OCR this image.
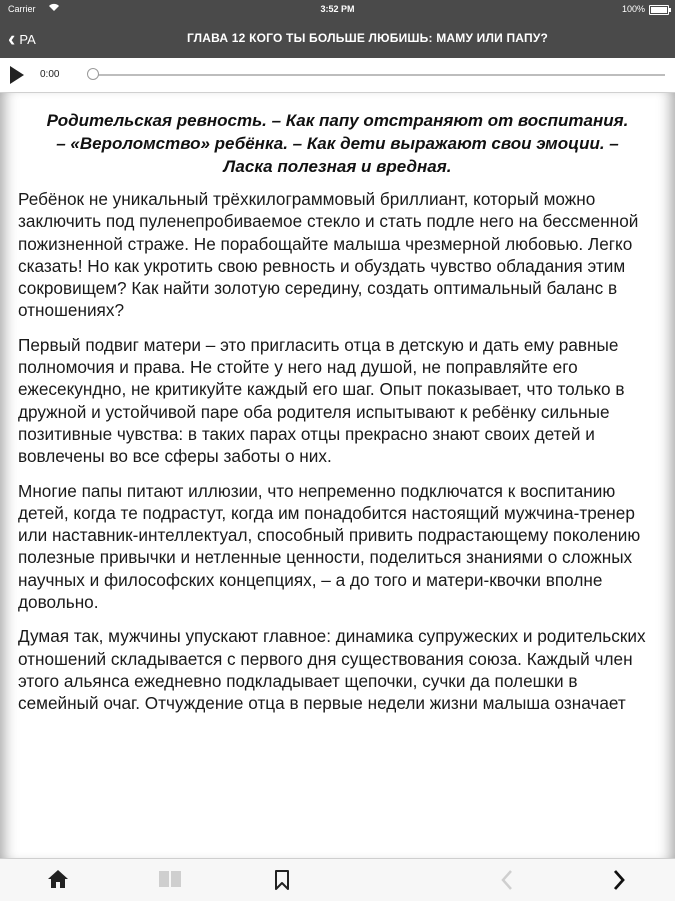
Carrier	3:52 PM	100%
‹ РА	ГЛАВА 12 КОГО ТЫ БОЛЬШЕ ЛЮБИШЬ: МАМУ ИЛИ ПАПУ?
0:00
Родительская ревность. – Как папу отстраняют от воспитания. – «Вероломство» ребёнка. – Как дети выражают свои эмоции. – Ласка полезная и вредная.

Ребёнок не уникальный трёхкилограммовый бриллиант, который можно заключить под пуленепробиваемое стекло и стать подле него на бессменной пожизненной страже. Не порабощайте малыша чрезмерной любовью. Легко сказать! Но как укротить свою ревность и обуздать чувство обладания этим сокровищем? Как найти золотую середину, создать оптимальный баланс в отношениях?

Первый подвиг матери – это пригласить отца в детскую и дать ему равные полномочия и права. Не стойте у него над душой, не поправляйте его ежесекундно, не критикуйте каждый его шаг. Опыт показывает, что только в дружной и устойчивой паре оба родителя испытывают к ребёнку сильные позитивные чувства: в таких парах отцы прекрасно знают своих детей и вовлечены во все сферы заботы о них.

Многие папы питают иллюзии, что непременно подключатся к воспитанию детей, когда те подрастут, когда им понадобится настоящий мужчина-тренер или наставник-интеллектуал, способный привить подрастающему поколению полезные привычки и нетленные ценности, поделиться знаниями о сложных научных и философских концепциях, – а до того и матери-квочки вполне довольно.

Думая так, мужчины упускают главное: динамика супружеских и родительских отношений складывается с первого дня существования союза. Каждый член этого альянса ежедневно подкладывает щепочки, сучки да полешки в семейный очаг. Отчуждение отца в первые недели жизни малыша означает
